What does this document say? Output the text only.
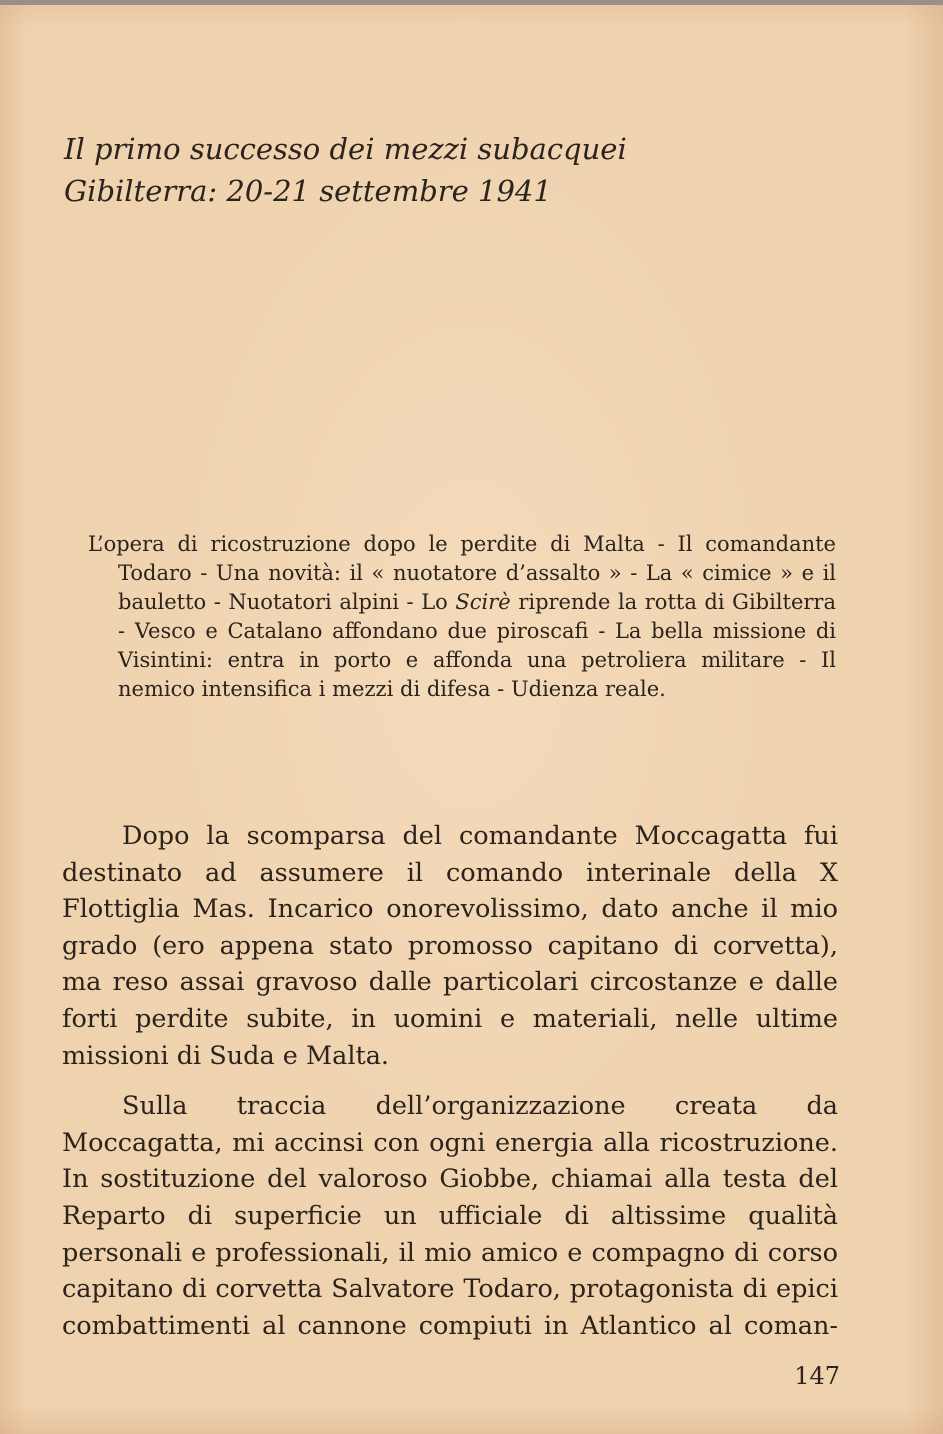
Il primo successo dei mezzi subacquei
Gibilterra: 20-21 settembre 1941
L’opera di ricostruzione dopo le perdite di Malta - Il comandante Todaro - Una novità: il « nuotatore d’assalto » - La « cimice » e il bauletto - Nuotatori alpini - Lo Scirè riprende la rotta di Gibilterra - Vesco e Catalano affondano due piroscafi - La bella missione di Visintini: entra in porto e affonda una petroliera militare - Il nemico intensifica i mezzi di difesa - Udienza reale.

Dopo la scomparsa del comandante Moccagatta fui destinato ad assumere il comando interinale della X Flottiglia Mas. Incarico onorevolissimo, dato anche il mio grado (ero appena stato promosso capitano di corvetta), ma reso assai gravoso dalle particolari circostanze e dalle forti perdite subite, in uomini e materiali, nelle ultime missioni di Suda e Malta.

Sulla traccia dell’organizzazione creata da Moccagatta, mi accinsi con ogni energia alla ricostruzione. In sostituzione del valoroso Giobbe, chiamai alla testa del Reparto di superficie un ufficiale di altissime qualità personali e professionali, il mio amico e compagno di corso capitano di corvetta Salvatore Todaro, protagonista di epici combattimenti al cannone compiuti in Atlantico al coman-

147
